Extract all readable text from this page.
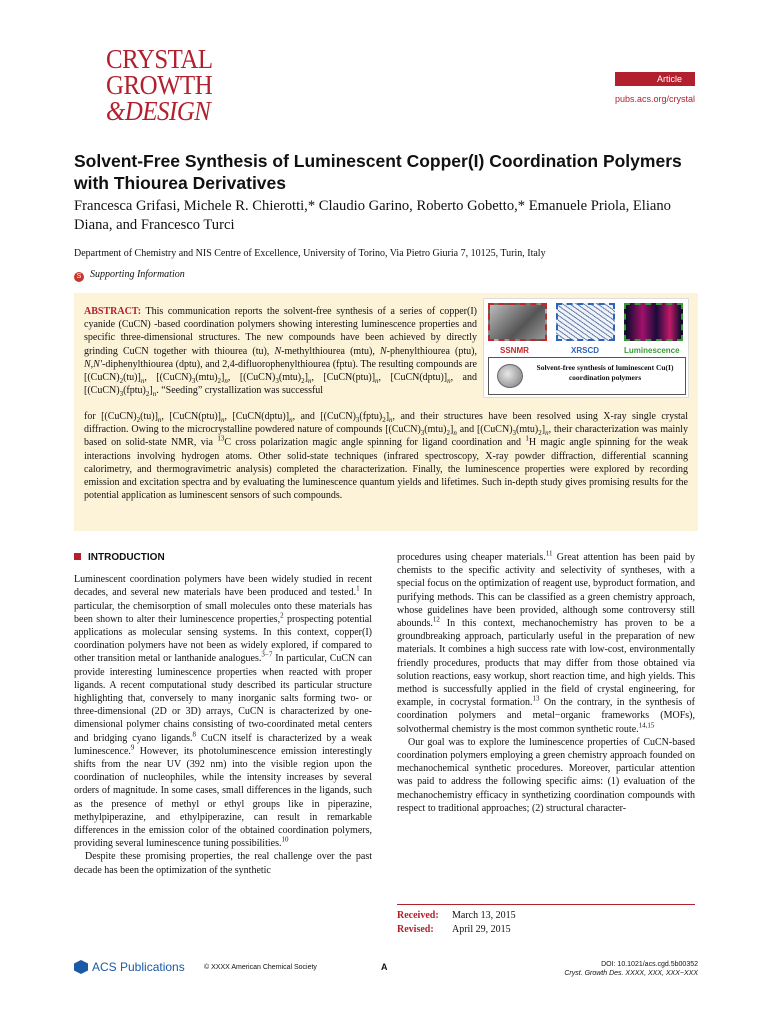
CRYSTAL
GROWTH
&DESIGN
Article
pubs.acs.org/crystal
Solvent-Free Synthesis of Luminescent Copper(I) Coordination Polymers with Thiourea Derivatives
Francesca Grifasi, Michele R. Chierotti,* Claudio Garino, Roberto Gobetto,* Emanuele Priola, Eliano Diana, and Francesco Turci
Department of Chemistry and NIS Centre of Excellence, University of Torino, Via Pietro Giuria 7, 10125, Turin, Italy
S Supporting Information
ABSTRACT: This communication reports the solvent-free synthesis of a series of copper(I) cyanide (CuCN) -based coordination polymers showing interesting luminescence properties and specific three-dimensional structures. The new compounds have been achieved by directly grinding CuCN together with thiourea (tu), N-methylthiourea (mtu), N-phenylthiourea (ptu), N,N′-diphenylthiourea (dptu), and 2,4-difluorophenylthiourea (fptu). The resulting compounds are $[(CuCN)_2(tu)]_n$, $[(CuCN)_3(mtu)_2]_n$, $[(CuCN)_3(mtu)_2]_n$, $[CuCN(ptu)]_n$, $[CuCN(dptu)]_n$, and $[(CuCN)_3(fptu)_2]_n$. “Seeding” crystallization was successful
for $[(CuCN)_2(tu)]_n$, $[CuCN(ptu)]_n$, $[CuCN(dptu)]_n$, and $[(CuCN)_3(fptu)_2]_n$, and their structures have been resolved using X-ray single crystal diffraction. Owing to the microcrystalline powdered nature of compounds $[(CuCN)_3(mtu)_2]_n$ and $[(CuCN)_3(mtu)_2]_n$, their characterization was mainly based on solid-state NMR, via $^{13}$C cross polarization magic angle spinning for ligand coordination and $^1$H magic angle spinning for the weak interactions involving hydrogen atoms. Other solid-state techniques (infrared spectroscopy, X-ray powder diffraction, differential scanning calorimetry, and thermogravimetric analysis) completed the characterization. Finally, the luminescence properties were explored by recording emission and excitation spectra and by evaluating the luminescence quantum yields and lifetimes. Such in-depth study gives promising results for the potential application as luminescent sensors of such compounds.
SSNMR	XRSCD	Luminescence
Solvent-free synthesis of luminescent Cu(I) coordination polymers
INTRODUCTION

Luminescent coordination polymers have been widely studied in recent decades, and several new materials have been produced and tested.$^1$ In particular, the chemisorption of small molecules onto these materials has been shown to alter their luminescence properties,$^2$ prospecting potential applications as molecular sensing systems. In this context, copper(I) coordination polymers have not been as widely explored, if compared to other transition metal or lanthanide analogues.$^{3-7}$ In particular, CuCN can provide interesting luminescence properties when reacted with proper ligands. A recent computational study described its particular structure highlighting that, conversely to many inorganic salts forming two- or three-dimensional (2D or 3D) arrays, CuCN is characterized by one-dimensional polymer chains consisting of two-coordinated metal centers and bridging cyano ligands.$^8$ CuCN itself is characterized by a weak luminescence.$^9$ However, its photoluminescence emission interestingly shifts from the near UV (392 nm) into the visible region upon the coordination of nucleophiles, while the intensity increases by several orders of magnitude. In some cases, small differences in the ligands, such as the presence of methyl or ethyl groups like in piperazine, methylpiperazine, and ethylpiperazine, can result in remarkable differences in the emission color of the obtained coordination polymers, providing several luminescence tuning possibilities.$^{10}$

Despite these promising properties, the real challenge over the past decade has been the optimization of the synthetic

procedures using cheaper materials.$^{11}$ Great attention has been paid by chemists to the specific activity and selectivity of syntheses, with a special focus on the optimization of reagent use, byproduct formation, and purifying methods. This can be classified as a green chemistry approach, whose guidelines have been provided, although some controversy still abounds.$^{12}$ In this context, mechanochemistry has proven to be a groundbreaking approach, particularly useful in the preparation of new materials. It combines a high success rate with low-cost, environmentally friendly procedures, products that may differ from those obtained via solution reactions, easy workup, short reaction time, and high yields. This method is successfully applied in the field of crystal engineering, for example, in cocrystal formation.$^{13}$ On the contrary, in the synthesis of coordination polymers and metal−organic frameworks (MOFs), solvothermal chemistry is the most common synthetic route.$^{14,15}$

Our goal was to explore the luminescence properties of CuCN-based coordination polymers employing a green chemistry approach founded on mechanochemical synthetic procedures. Moreover, particular attention was paid to address the following specific aims: (1) evaluation of the mechanochemistry efficacy in synthetizing coordination compounds with respect to traditional approaches; (2) structural character-

Received:	March 13, 2015
Revised:	April 29, 2015
ACS Publications	© XXXX American Chemical Society	A	DOI: 10.1021/acs.cgd.5b00352
Cryst. Growth Des. XXXX, XXX, XXX−XXX
